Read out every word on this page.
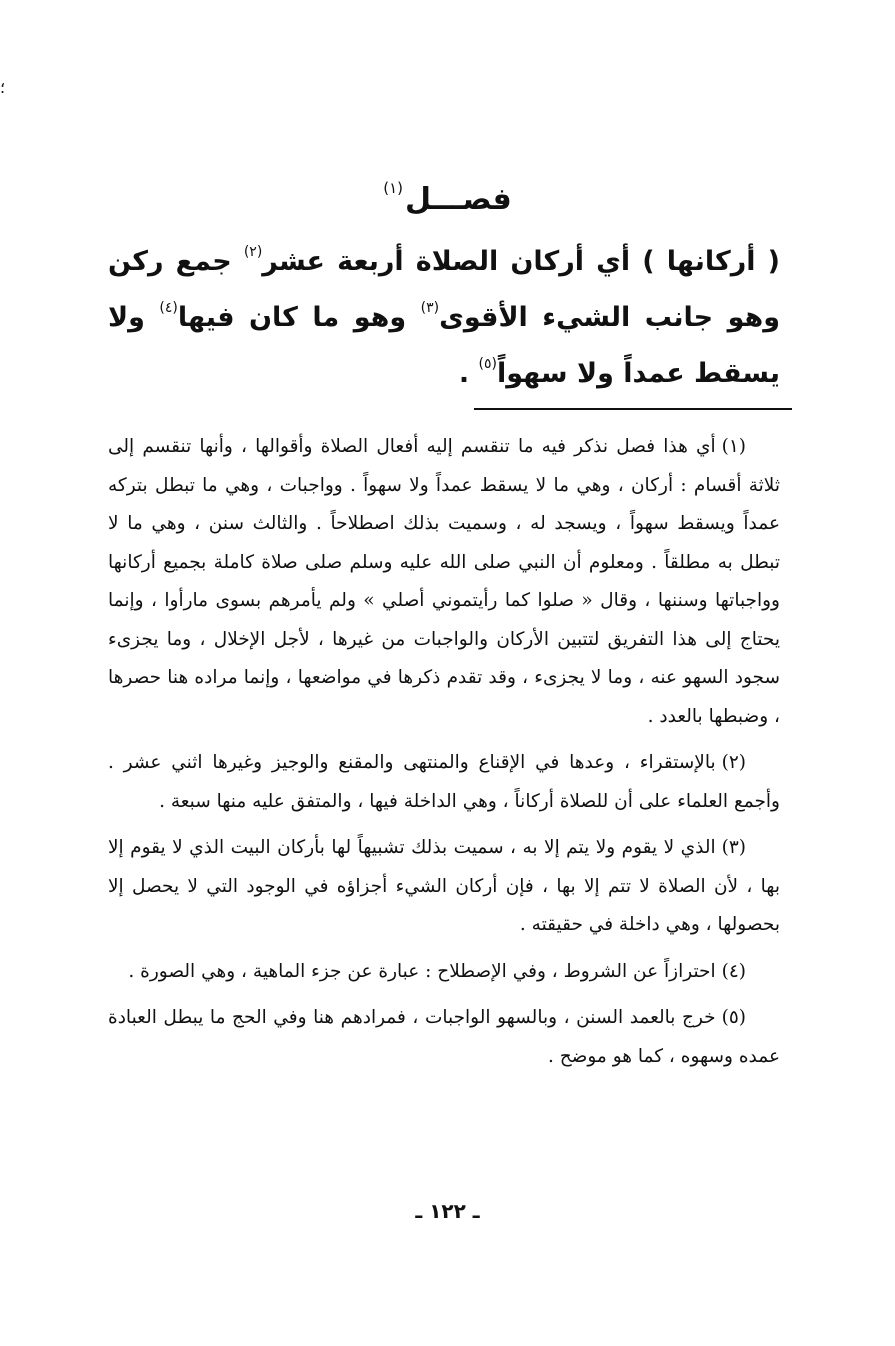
؛
فصـــل$^{(١)}$
( أركانها ) أي أركان الصلاة أربعة عشر$^{(٢)}$ جمع ركن وهو جانب الشيء الأقوى$^{(٣)}$ وهو ما كان فيها$^{(٤)}$ ولا يسقط عمداً ولا سهواً$^{(٥)}$ .

(١)أي هذا فصل نذكر فيه ما تنقسم إليه أفعال الصلاة وأقوالها ، وأنها تنقسم إلى ثلاثة أقسام : أركان ، وهي ما لا يسقط عمداً ولا سهواً . وواجبات ، وهي ما تبطل بتركه عمداً ويسقط سهواً ، ويسجد له ، وسميت بذلك اصطلاحاً . والثالث سنن ، وهي ما لا تبطل به مطلقاً . ومعلوم أن النبي صلى الله عليه وسلم صلى صلاة كاملة بجميع أركانها وواجباتها وسننها ، وقال « صلوا كما رأيتموني أصلي » ولم يأمرهم بسوى مارأوا ، وإنما يحتاج إلى هذا التفريق لتتبين الأركان والواجبات من غيرها ، لأجل الإخلال ، وما يجزىء سجود السهو عنه ، وما لا يجزىء ، وقد تقدم ذكرها في مواضعها ، وإنما مراده هنا حصرها ، وضبطها بالعدد .

(٢)بالإستقراء ، وعدها في الإقناع والمنتهى والمقنع والوجيز وغيرها اثني عشر . وأجمع العلماء على أن للصلاة أركاناً ، وهي الداخلة فيها ، والمتفق عليه منها سبعة .

(٣)الذي لا يقوم ولا يتم إلا به ، سميت بذلك تشبيهاً لها بأركان البيت الذي لا يقوم إلا بها ، لأن الصلاة لا تتم إلا بها ، فإن أركان الشيء أجزاؤه في الوجود التي لا يحصل إلا بحصولها ، وهي داخلة في حقيقته .

(٤)احترازاً عن الشروط ، وفي الإصطلاح : عبارة عن جزء الماهية ، وهي الصورة .

(٥)خرج بالعمد السنن ، وبالسهو الواجبات ، فمرادهم هنا وفي الحج ما يبطل العبادة عمده وسهوه ، كما هو موضح .

ـ ١٢٢ ـ
